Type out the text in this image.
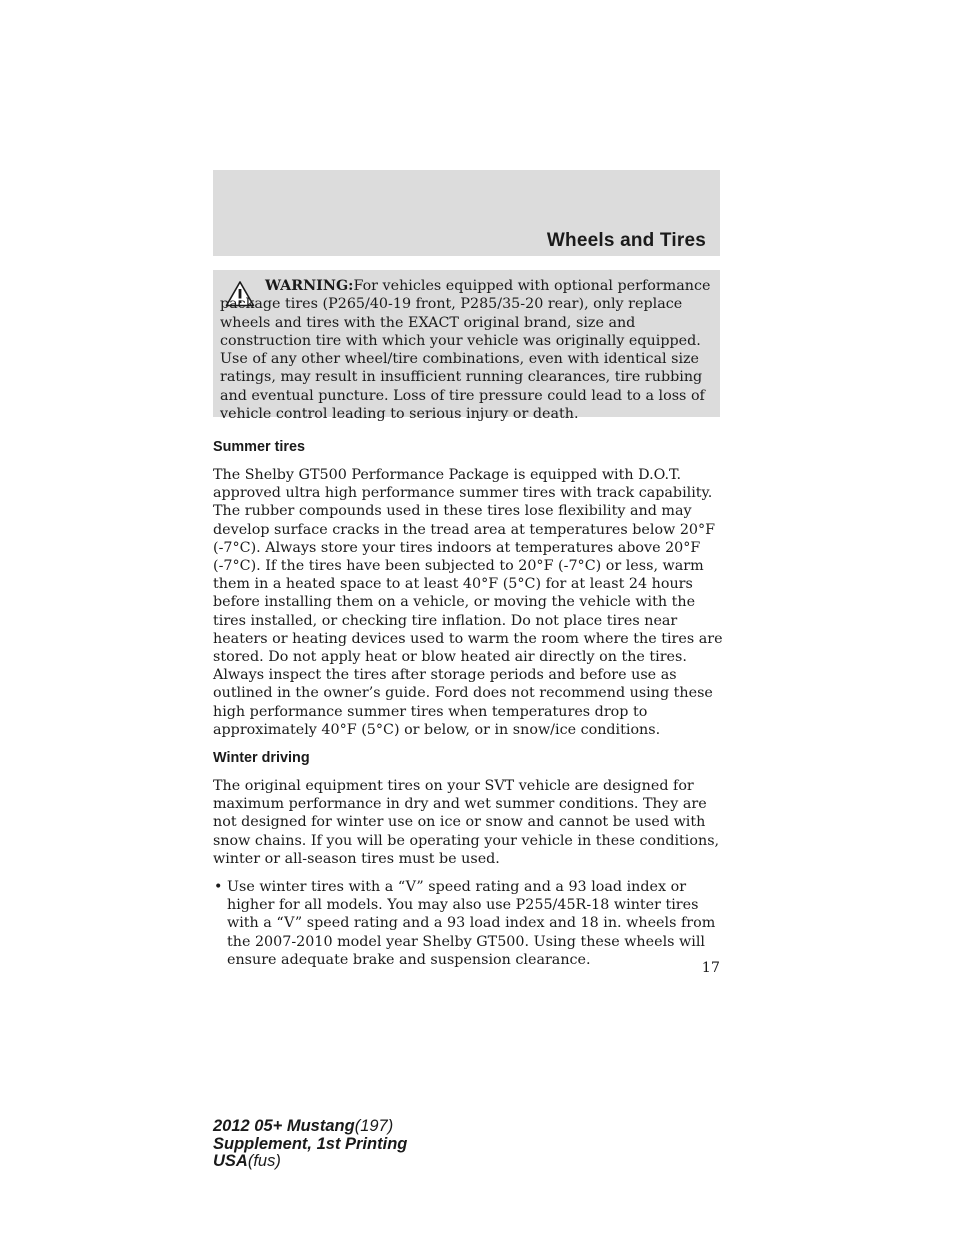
Wheels and Tires

WARNING:For vehicles equipped with optional performance package tires (P265/40-19 front, P285/35-20 rear), only replace wheels and tires with the EXACT original brand, size and construction tire with which your vehicle was originally equipped. Use of any other wheel/tire combinations, even with identical size ratings, may result in insufficient running clearances, tire rubbing and eventual puncture. Loss of tire pressure could lead to a loss of vehicle control leading to serious injury or death.

Summer tires

The Shelby GT500 Performance Package is equipped with D.O.T. approved ultra high performance summer tires with track capability. The rubber compounds used in these tires lose flexibility and may develop surface cracks in the tread area at temperatures below 20°F (-7°C). Always store your tires indoors at temperatures above 20°F (-7°C). If the tires have been subjected to 20°F (-7°C) or less, warm them in a heated space to at least 40°F (5°C) for at least 24 hours before installing them on a vehicle, or moving the vehicle with the tires installed, or checking tire inflation. Do not place tires near heaters or heating devices used to warm the room where the tires are stored. Do not apply heat or blow heated air directly on the tires. Always inspect the tires after storage periods and before use as outlined in the owner’s guide. Ford does not recommend using these high performance summer tires when temperatures drop to approximately 40°F (5°C) or below, or in snow/ice conditions.

Winter driving

The original equipment tires on your SVT vehicle are designed for maximum performance in dry and wet summer conditions. They are not designed for winter use on ice or snow and cannot be used with snow chains. If you will be operating your vehicle in these conditions, winter or all-season tires must be used.

• Use winter tires with a “V” speed rating and a 93 load index or higher for all models. You may also use P255/45R-18 winter tires with a “V” speed rating and a 93 load index and 18 in. wheels from the 2007-2010 model year Shelby GT500. Using these wheels will ensure adequate brake and suspension clearance.

17
2012 05+ Mustang(197)
Supplement, 1st Printing
USA(fus)
